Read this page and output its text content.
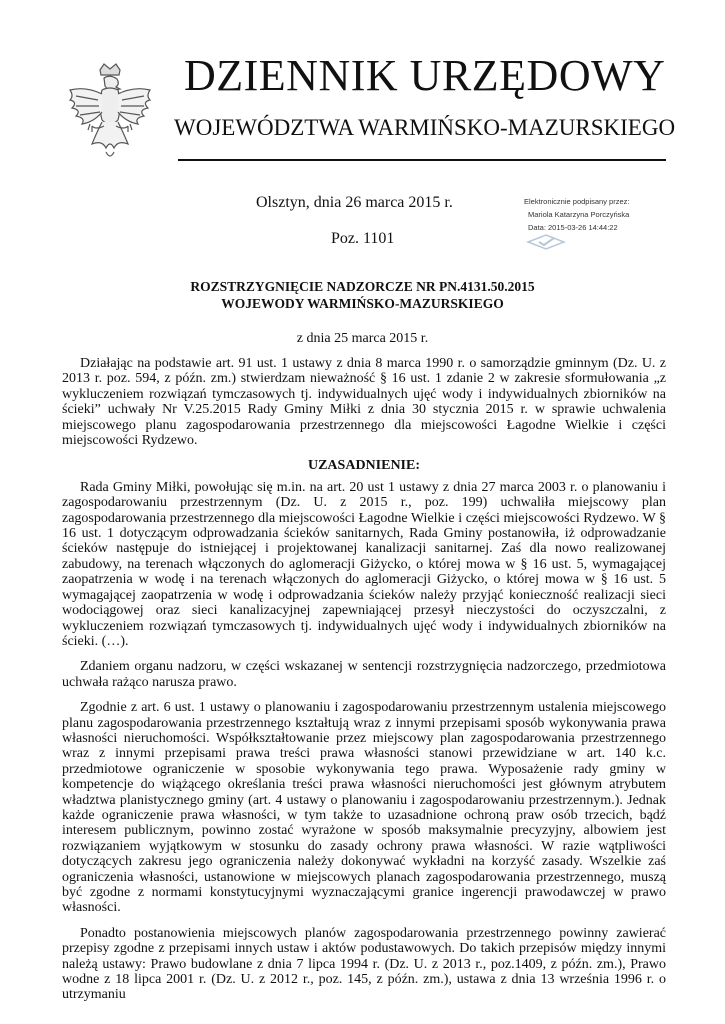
DZIENNIK URZĘDOWY
WOJEWÓDZTWA WARMIŃSKO-MAZURSKIEGO
Olsztyn, dnia 26 marca 2015 r.
Poz. 1101
Elektronicznie podpisany przez:
Mariola Katarzyna Porczyńska
Data: 2015-03-26 14:44:22
ROZSTRZYGNIĘCIE NADZORCZE NR PN.4131.50.2015
WOJEWODY WARMIŃSKO-MAZURSKIEGO
z dnia 25 marca 2015 r.

Działając na podstawie art. 91 ust. 1 ustawy z dnia 8 marca 1990 r. o samorządzie gminnym (Dz. U. z 2013 r. poz. 594, z późn. zm.) stwierdzam nieważność § 16 ust. 1 zdanie 2 w zakresie sformułowania „z wykluczeniem rozwiązań tymczasowych tj. indywidualnych ujęć wody i indywidualnych zbiorników na ścieki” uchwały Nr V.25.2015 Rady Gminy Miłki z dnia 30 stycznia 2015 r. w sprawie uchwalenia miejscowego planu zagospodarowania przestrzennego dla miejscowości Łagodne Wielkie i części miejscowości Rydzewo.

UZASADNIENIE:

Rada Gminy Miłki, powołując się m.in. na art. 20 ust 1 ustawy z dnia 27 marca 2003 r. o planowaniu i zagospodarowaniu przestrzennym (Dz. U. z 2015 r., poz. 199) uchwaliła miejscowy plan zagospodarowania przestrzennego dla miejscowości Łagodne Wielkie i części miejscowości Rydzewo. W § 16 ust. 1 dotyczącym odprowadzania ścieków sanitarnych, Rada Gminy postanowiła, iż odprowadzanie ścieków następuje do istniejącej i projektowanej kanalizacji sanitarnej. Zaś dla nowo realizowanej zabudowy, na terenach włączonych do aglomeracji Giżycko, o której mowa w § 16 ust. 5, wymagającej zaopatrzenia w wodę i na terenach włączonych do aglomeracji Giżycko, o której mowa w § 16 ust. 5 wymagającej zaopatrzenia w wodę i odprowadzania ścieków należy przyjąć konieczność realizacji sieci wodociągowej oraz sieci kanalizacyjnej zapewniającej przesył nieczystości do oczyszczalni, z wykluczeniem rozwiązań tymczasowych tj. indywidualnych ujęć wody i indywidualnych zbiorników na ścieki. (…).

Zdaniem organu nadzoru, w części wskazanej w sentencji rozstrzygnięcia nadzorczego, przedmiotowa uchwała rażąco narusza prawo.

Zgodnie z art. 6 ust. 1 ustawy o planowaniu i zagospodarowaniu przestrzennym ustalenia miejscowego planu zagospodarowania przestrzennego kształtują wraz z innymi przepisami sposób wykonywania prawa własności nieruchomości. Współkształtowanie przez miejscowy plan zagospodarowania przestrzennego wraz z innymi przepisami prawa treści prawa własności stanowi przewidziane w art. 140 k.c. przedmiotowe ograniczenie w sposobie wykonywania tego prawa. Wyposażenie rady gminy w kompetencje do wiążącego określania treści prawa własności nieruchomości jest głównym atrybutem władztwa planistycznego gminy (art. 4 ustawy o planowaniu i zagospodarowaniu przestrzennym.). Jednak każde ograniczenie prawa własności, w tym także to uzasadnione ochroną praw osób trzecich, bądź interesem publicznym, powinno zostać wyrażone w sposób maksymalnie precyzyjny, albowiem jest rozwiązaniem wyjątkowym w stosunku do zasady ochrony prawa własności. W razie wątpliwości dotyczących zakresu jego ograniczenia należy dokonywać wykładni na korzyść zasady. Wszelkie zaś ograniczenia własności, ustanowione w miejscowych planach zagospodarowania przestrzennego, muszą być zgodne z normami konstytucyjnymi wyznaczającymi granice ingerencji prawodawczej w prawo własności.

Ponadto postanowienia miejscowych planów zagospodarowania przestrzennego powinny zawierać przepisy zgodne z przepisami innych ustaw i aktów podustawowych. Do takich przepisów między innymi należą ustawy: Prawo budowlane z dnia 7 lipca 1994 r. (Dz. U. z 2013 r., poz.1409, z późn. zm.), Prawo wodne z 18 lipca 2001 r. (Dz. U. z 2012 r., poz. 145, z późn. zm.), ustawa z dnia 13 września 1996 r. o utrzymaniu
